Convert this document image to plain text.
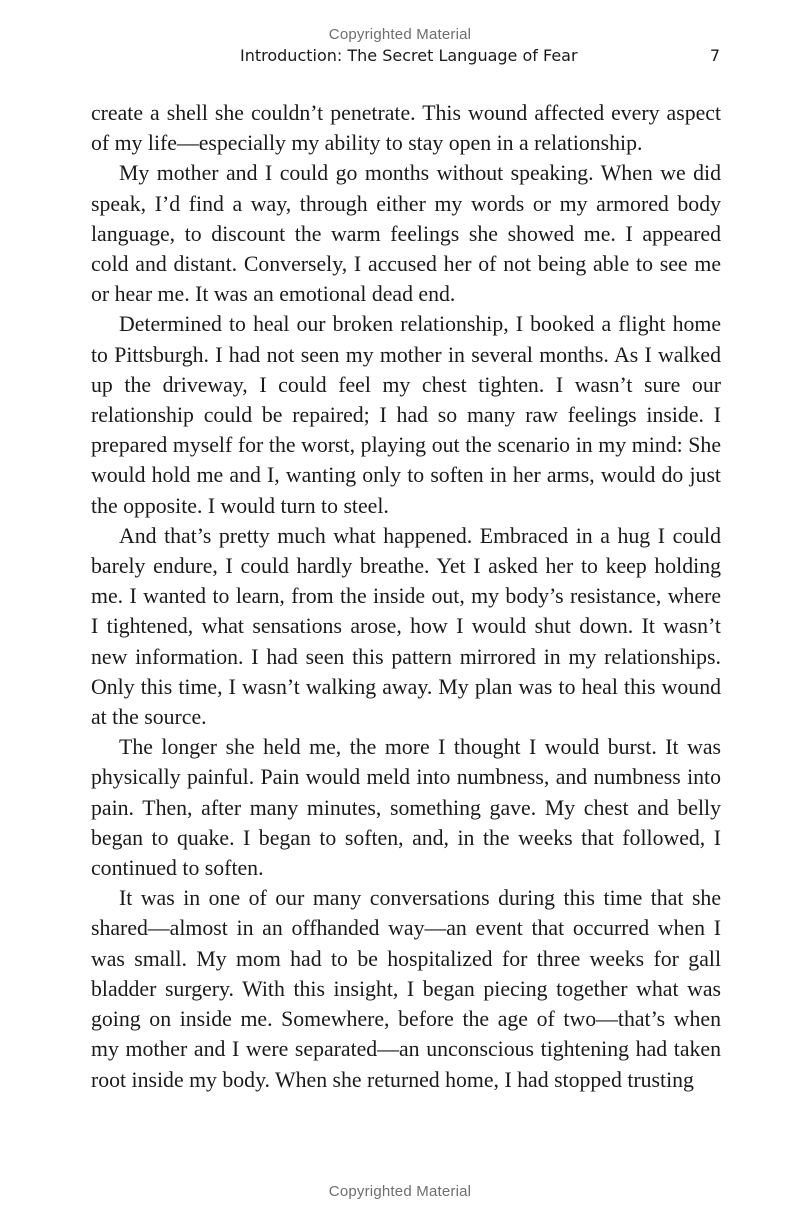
Copyrighted Material
Introduction: The Secret Language of Fear	7

create a shell she couldn’t penetrate. This wound affected every aspect of my life—especially my ability to stay open in a relationship.

My mother and I could go months without speaking. When we did speak, I’d find a way, through either my words or my armored body language, to discount the warm feelings she showed me. I appeared cold and distant. Conversely, I accused her of not being able to see me or hear me. It was an emotional dead end.

Determined to heal our broken relationship, I booked a flight home to Pittsburgh. I had not seen my mother in several months. As I walked up the driveway, I could feel my chest tighten. I wasn’t sure our relationship could be repaired; I had so many raw feelings inside. I prepared myself for the worst, playing out the scenario in my mind: She would hold me and I, wanting only to soften in her arms, would do just the opposite. I would turn to steel.

And that’s pretty much what happened. Embraced in a hug I could barely endure, I could hardly breathe. Yet I asked her to keep holding me. I wanted to learn, from the inside out, my body’s resistance, where I tightened, what sensations arose, how I would shut down. It wasn’t new information. I had seen this pattern mirrored in my relationships. Only this time, I wasn’t walking away. My plan was to heal this wound at the source.

The longer she held me, the more I thought I would burst. It was physically painful. Pain would meld into numbness, and numbness into pain. Then, after many minutes, something gave. My chest and belly began to quake. I began to soften, and, in the weeks that followed, I continued to soften.

It was in one of our many conversations during this time that she shared—almost in an offhanded way—an event that occurred when I was small. My mom had to be hospitalized for three weeks for gall bladder surgery. With this insight, I began piecing together what was going on inside me. Somewhere, before the age of two—that’s when my mother and I were separated—an unconscious tightening had taken root inside my body. When she returned home, I had stopped trusting

Copyrighted Material
